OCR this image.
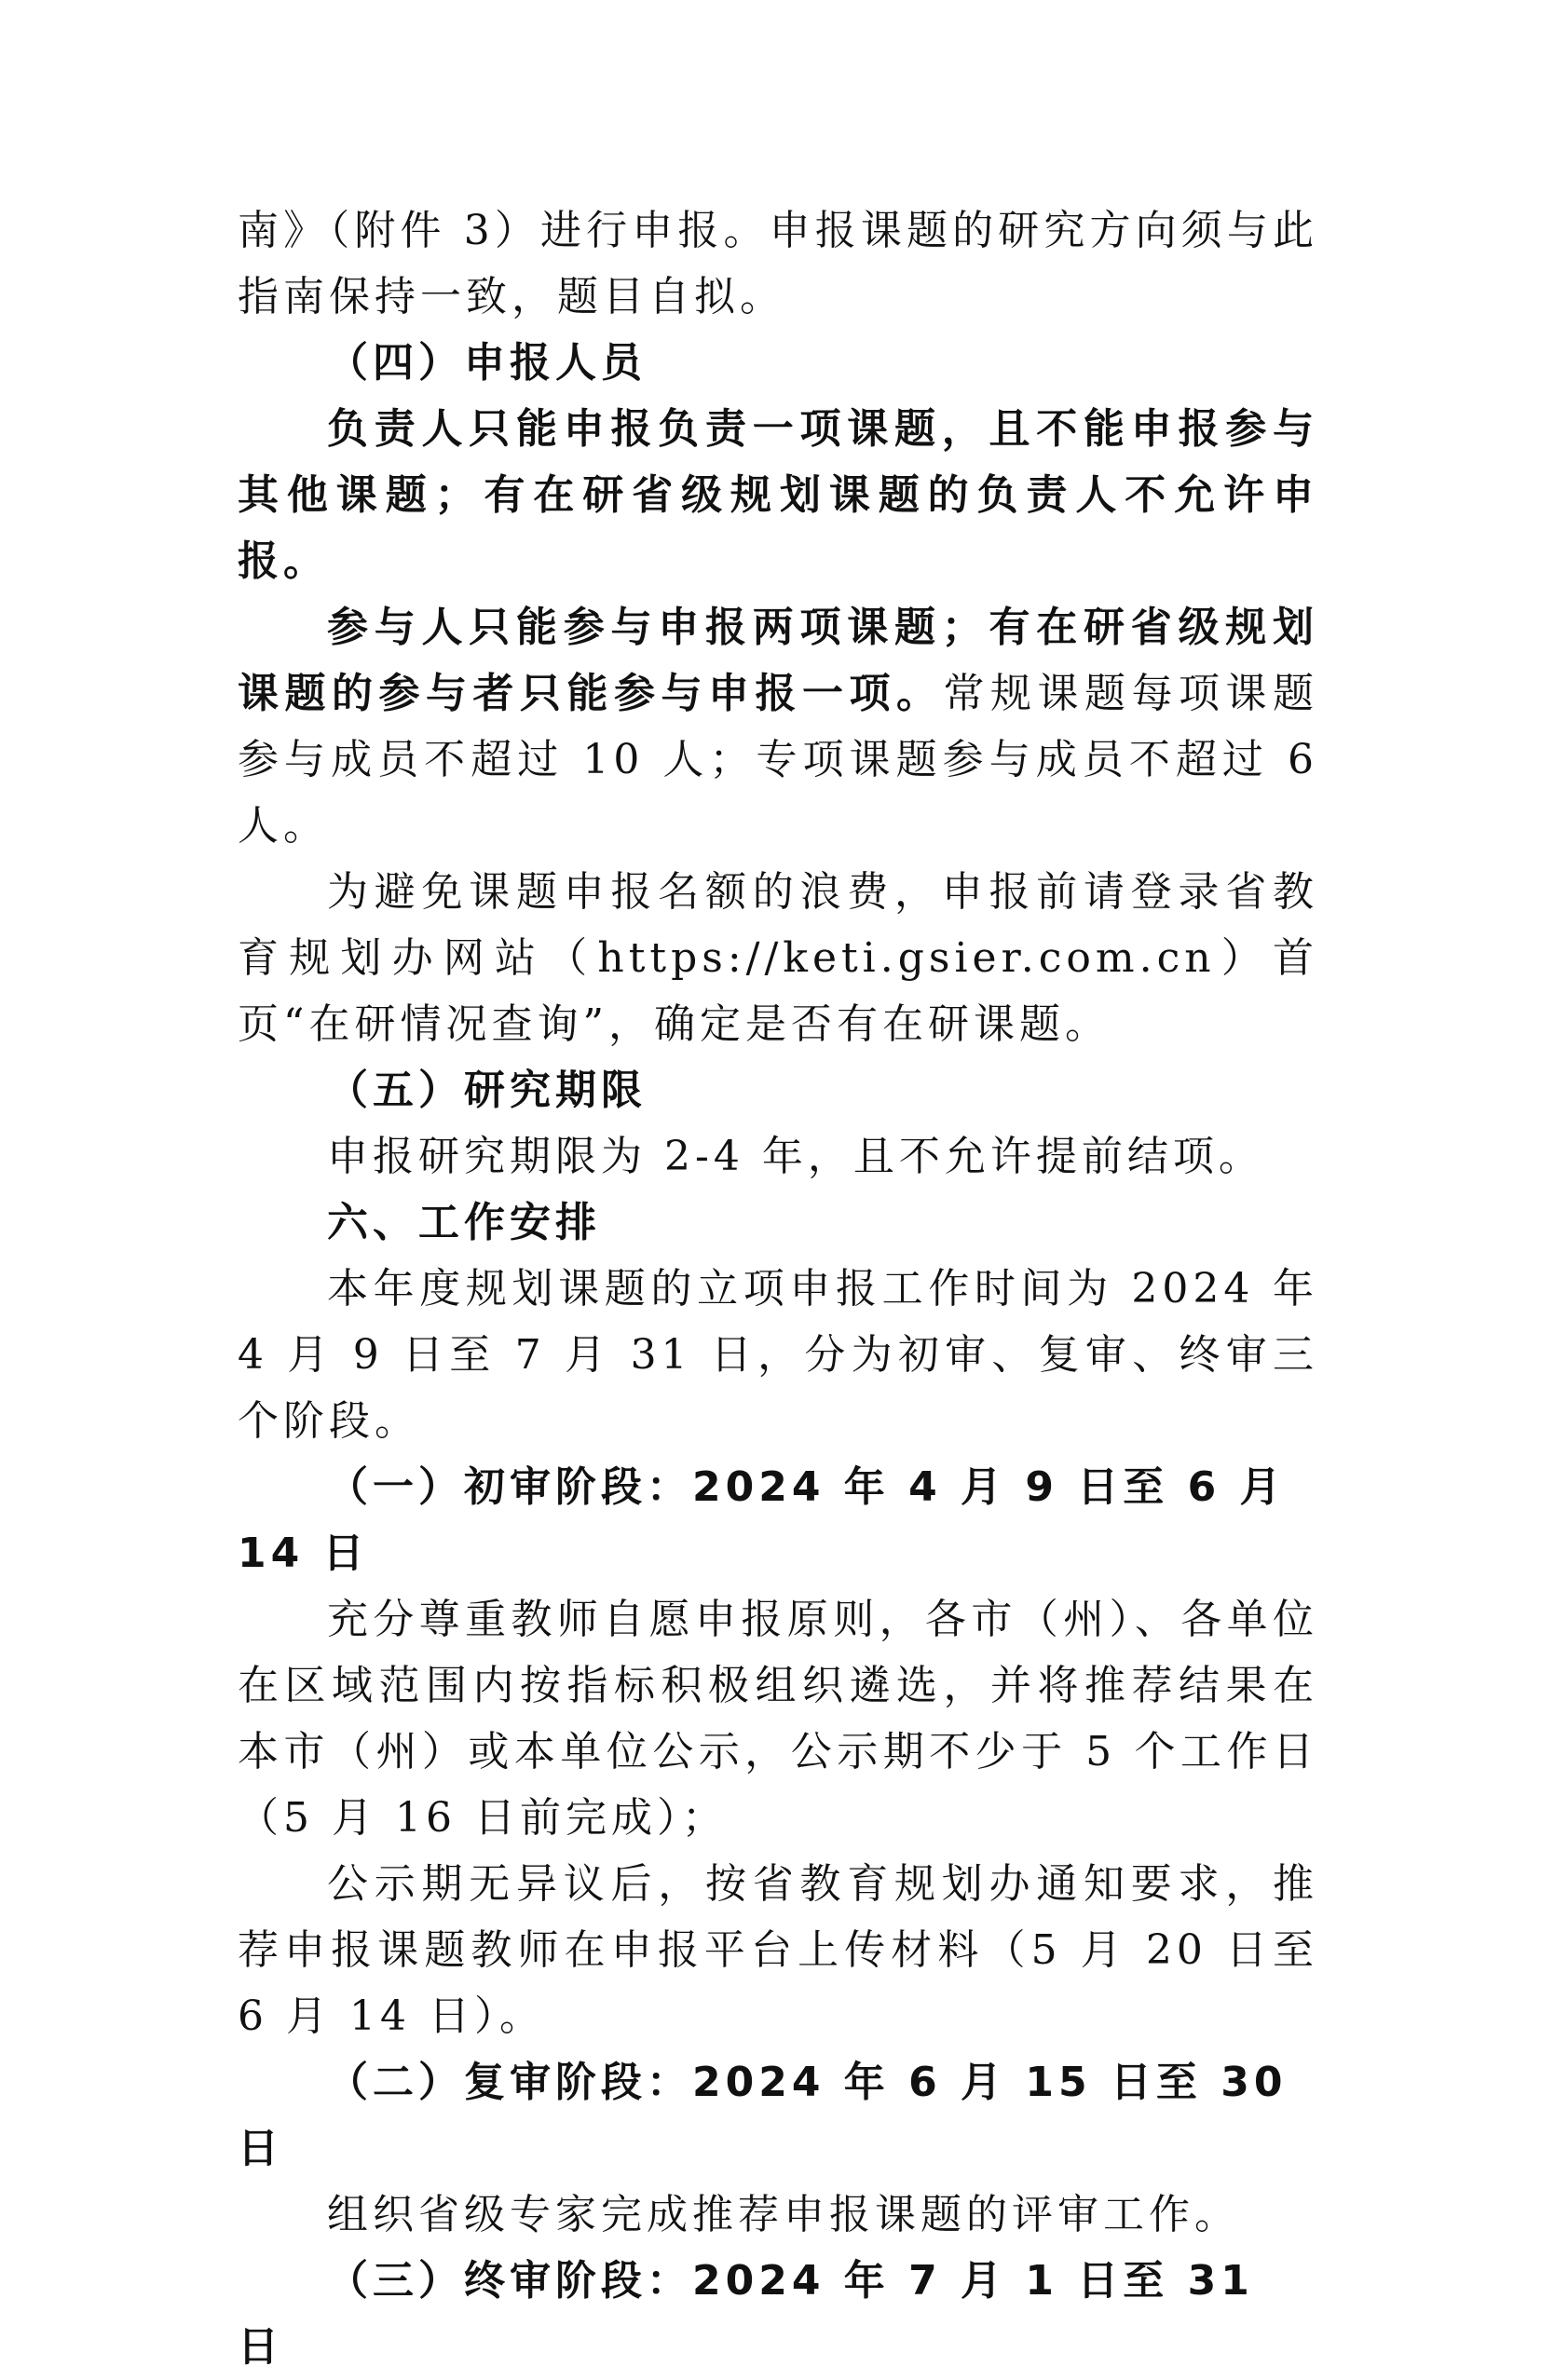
南》（附件 3）进行申报。申报课题的研究方向须与此指南保持一致，题目自拟。

（四）申报人员

负责人只能申报负责一项课题，且不能申报参与其他课题；有在研省级规划课题的负责人不允许申报。

参与人只能参与申报两项课题；有在研省级规划课题的参与者只能参与申报一项。常规课题每项课题参与成员不超过 10 人；专项课题参与成员不超过 6 人。

为避免课题申报名额的浪费，申报前请登录省教育规划办网站（https://keti.gsier.com.cn）首页“在研情况查询”，确定是否有在研课题。

（五）研究期限

申报研究期限为 2-4 年，且不允许提前结项。

六、工作安排

本年度规划课题的立项申报工作时间为 2024 年 4 月 9 日至 7 月 31 日，分为初审、复审、终审三个阶段。

（一）初审阶段：2024 年 4 月 9 日至 6 月 14 日

充分尊重教师自愿申报原则，各市（州）、各单位在区域范围内按指标积极组织遴选，并将推荐结果在本市（州）或本单位公示，公示期不少于 5 个工作日（5 月 16 日前完成）；

公示期无异议后，按省教育规划办通知要求，推荐申报课题教师在申报平台上传材料（5 月 20 日至 6 月 14 日）。

（二）复审阶段：2024 年 6 月 15 日至 30 日

组织省级专家完成推荐申报课题的评审工作。

（三）终审阶段：2024 年 7 月 1 日至 31 日
